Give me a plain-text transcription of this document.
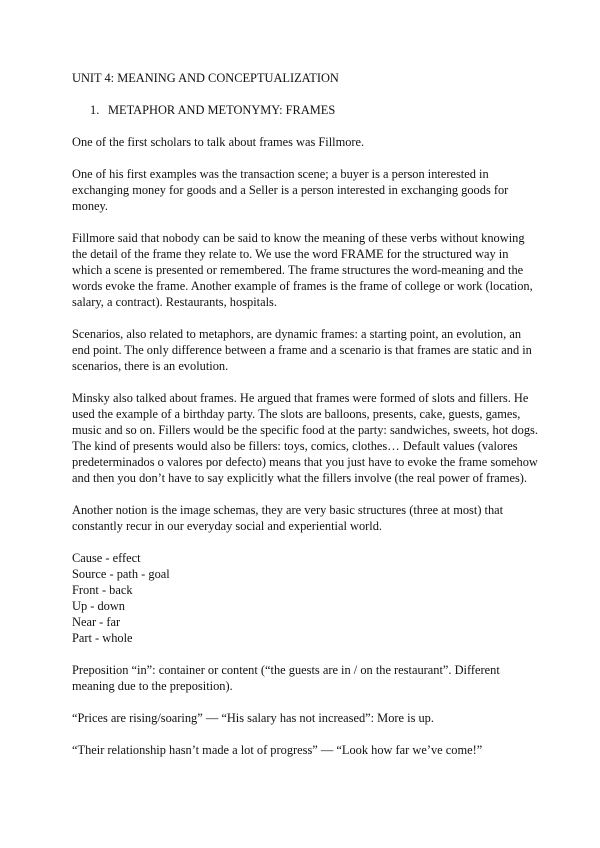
UNIT 4: MEANING AND CONCEPTUALIZATION
1. METAPHOR AND METONYMY: FRAMES
One of the first scholars to talk about frames was Fillmore.
One of his first examples was the transaction scene; a buyer is a person interested in
exchanging money for goods and a Seller is a person interested in exchanging goods for
money.
Fillmore said that nobody can be said to know the meaning of these verbs without knowing
the detail of the frame they relate to. We use the word FRAME for the structured way in
which a scene is presented or remembered. The frame structures the word-meaning and the
words evoke the frame. Another example of frames is the frame of college or work (location,
salary, a contract). Restaurants, hospitals.
Scenarios, also related to metaphors, are dynamic frames: a starting point, an evolution, an
end point. The only difference between a frame and a scenario is that frames are static and in
scenarios, there is an evolution.
Minsky also talked about frames. He argued that frames were formed of slots and fillers. He
used the example of a birthday party. The slots are balloons, presents, cake, guests, games,
music and so on. Fillers would be the specific food at the party: sandwiches, sweets, hot dogs.
The kind of presents would also be fillers: toys, comics, clothes… Default values (valores
predeterminados o valores por defecto) means that you just have to evoke the frame somehow
and then you don’t have to say explicitly what the fillers involve (the real power of frames).
Another notion is the image schemas, they are very basic structures (three at most) that
constantly recur in our everyday social and experiential world.
Cause - effect
Source - path - goal
Front - back
Up - down
Near - far
Part - whole
Preposition “in”: container or content (“the guests are in / on the restaurant”. Different
meaning due to the preposition).
“Prices are rising/soaring” — “His salary has not increased”: More is up.
“Their relationship hasn’t made a lot of progress” — “Look how far we’ve come!”
